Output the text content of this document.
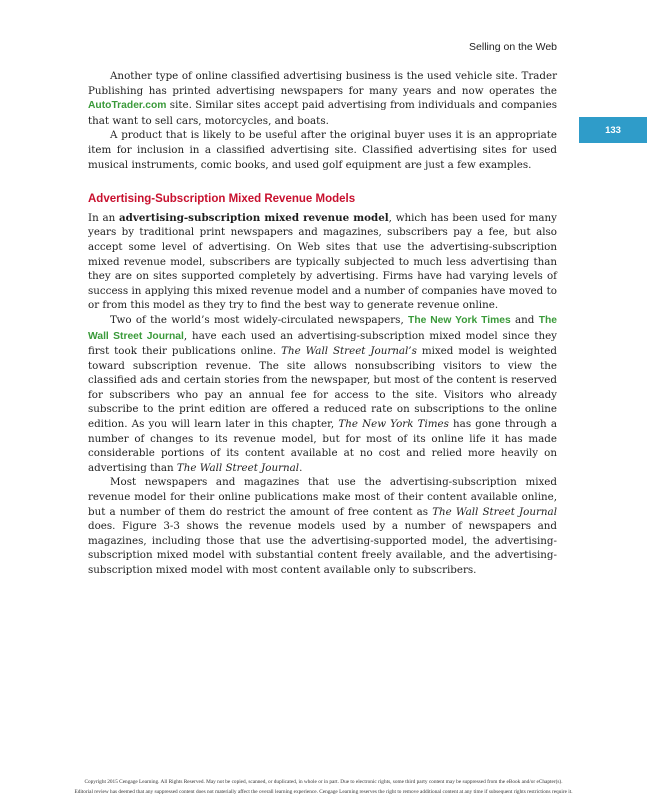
Selling on the Web
133

Another type of online classified advertising business is the used vehicle site. Trader Publishing has printed advertising newspapers for many years and now operates the AutoTrader.com site. Similar sites accept paid advertising from individuals and companies that want to sell cars, motorcycles, and boats.

A product that is likely to be useful after the original buyer uses it is an appropriate item for inclusion in a classified advertising site. Classified advertising sites for used musical instruments, comic books, and used golf equipment are just a few examples.

Advertising-Subscription Mixed Revenue Models

In an advertising-subscription mixed revenue model, which has been used for many years by traditional print newspapers and magazines, subscribers pay a fee, but also accept some level of advertising. On Web sites that use the advertising-subscription mixed revenue model, subscribers are typically subjected to much less advertising than they are on sites supported completely by advertising. Firms have had varying levels of success in applying this mixed revenue model and a number of companies have moved to or from this model as they try to find the best way to generate revenue online.

Two of the world’s most widely-circulated newspapers, The New York Times and The Wall Street Journal, have each used an advertising-subscription mixed model since they first took their publications online. The Wall Street Journal’s mixed model is weighted toward subscription revenue. The site allows nonsubscribing visitors to view the classified ads and certain stories from the newspaper, but most of the content is reserved for subscribers who pay an annual fee for access to the site. Visitors who already subscribe to the print edition are offered a reduced rate on subscriptions to the online edition. As you will learn later in this chapter, The New York Times has gone through a number of changes to its revenue model, but for most of its online life it has made considerable portions of its content available at no cost and relied more heavily on advertising than The Wall Street Journal.

Most newspapers and magazines that use the advertising-subscription mixed revenue model for their online publications make most of their content available online, but a number of them do restrict the amount of free content as The Wall Street Journal does. Figure 3-3 shows the revenue models used by a number of newspapers and magazines, including those that use the advertising-supported model, the advertising-subscription mixed model with substantial content freely available, and the advertising-subscription mixed model with most content available only to subscribers.

Copyright 2015 Cengage Learning. All Rights Reserved. May not be copied, scanned, or duplicated, in whole or in part. Due to electronic rights, some third party content may be suppressed from the eBook and/or eChapter(s).
Editorial review has deemed that any suppressed content does not materially affect the overall learning experience. Cengage Learning reserves the right to remove additional content at any time if subsequent rights restrictions require it.
